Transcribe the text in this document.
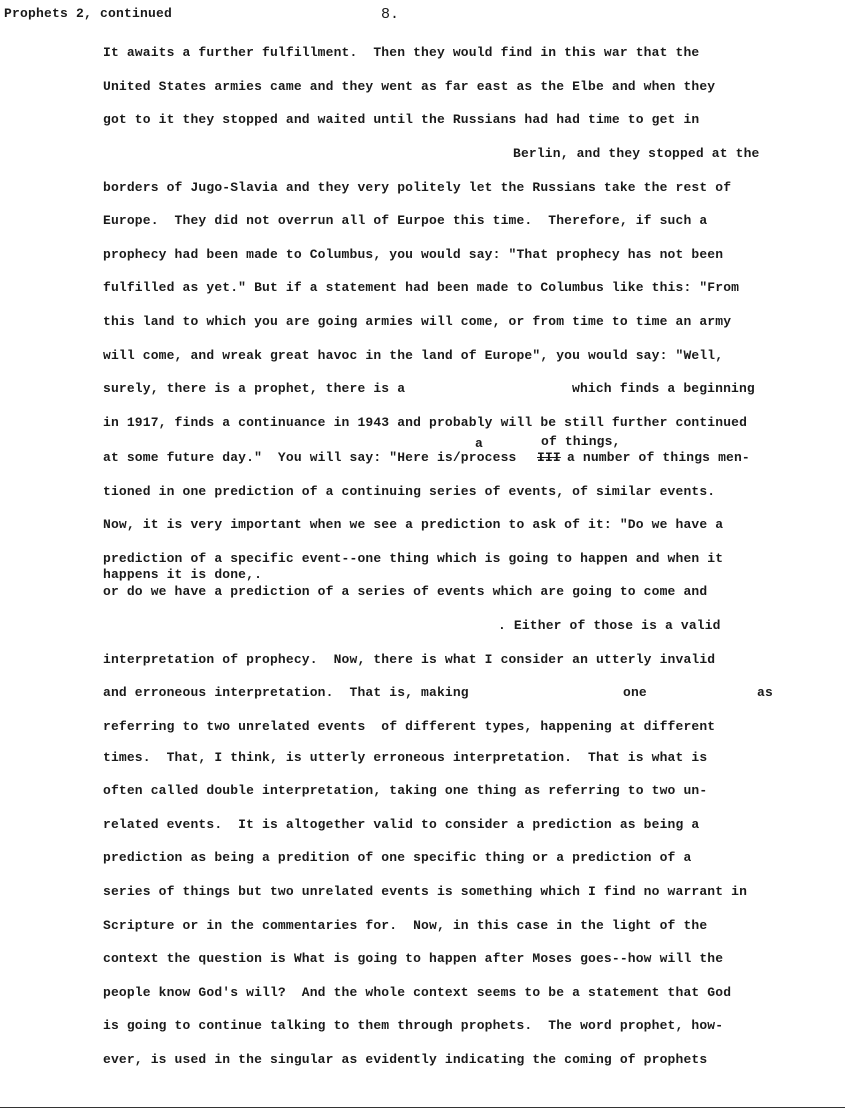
Prophets 2, continued	8.
It awaits a further fulfillment.  Then they would find in this war that the
United States armies came and they went as far east as the Elbe and when they
got to it they stopped and waited until the Russians had had time to get in
Berlin, and they stopped at the
borders of Jugo-Slavia and they very politely let the Russians take the rest of
Europe.  They did not overrun all of Eurpoe this time.  Therefore, if such a
prophecy had been made to Columbus, you would say: "That prophecy has not been
fulfilled as yet." But if a statement had been made to Columbus like this: "From
this land to which you are going armies will come, or from time to time an army
will come, and wreak great havoc in the land of Europe", you would say: "Well,
surely, there is a prophet, there is a	which finds a beginning
in 1917, finds a continuance in 1943 and probably will be still further continued
a	of things,
at some future day."  You will say: "Here is/process III a number of things men-
tioned in one prediction of a continuing series of events, of similar events.
Now, it is very important when we see a prediction to ask of it: "Do we have a
prediction of a specific event--one thing which is going to happen and when it
happens it is done,.
or do we have a prediction of a series of events which are going to come and
. Either of those is a valid
interpretation of prophecy.  Now, there is what I consider an utterly invalid
and erroneous interpretation.  That is, making	one	as
referring to two unrelated events  of different types, happening at different
times.  That, I think, is utterly erroneous interpretation.  That is what is
often called double interpretation, taking one thing as referring to two un-
related events.  It is altogether valid to consider a prediction as being a
prediction as being a predition of one specific thing or a prediction of a
series of things but two unrelated events is something which I find no warrant in
Scripture or in the commentaries for.  Now, in this case in the light of the
context the question is What is going to happen after Moses goes--how will the
people know God's will?  And the whole context seems to be a statement that God
is going to continue talking to them through prophets.  The word prophet, how-
ever, is used in the singular as evidently indicating the coming of prophets
